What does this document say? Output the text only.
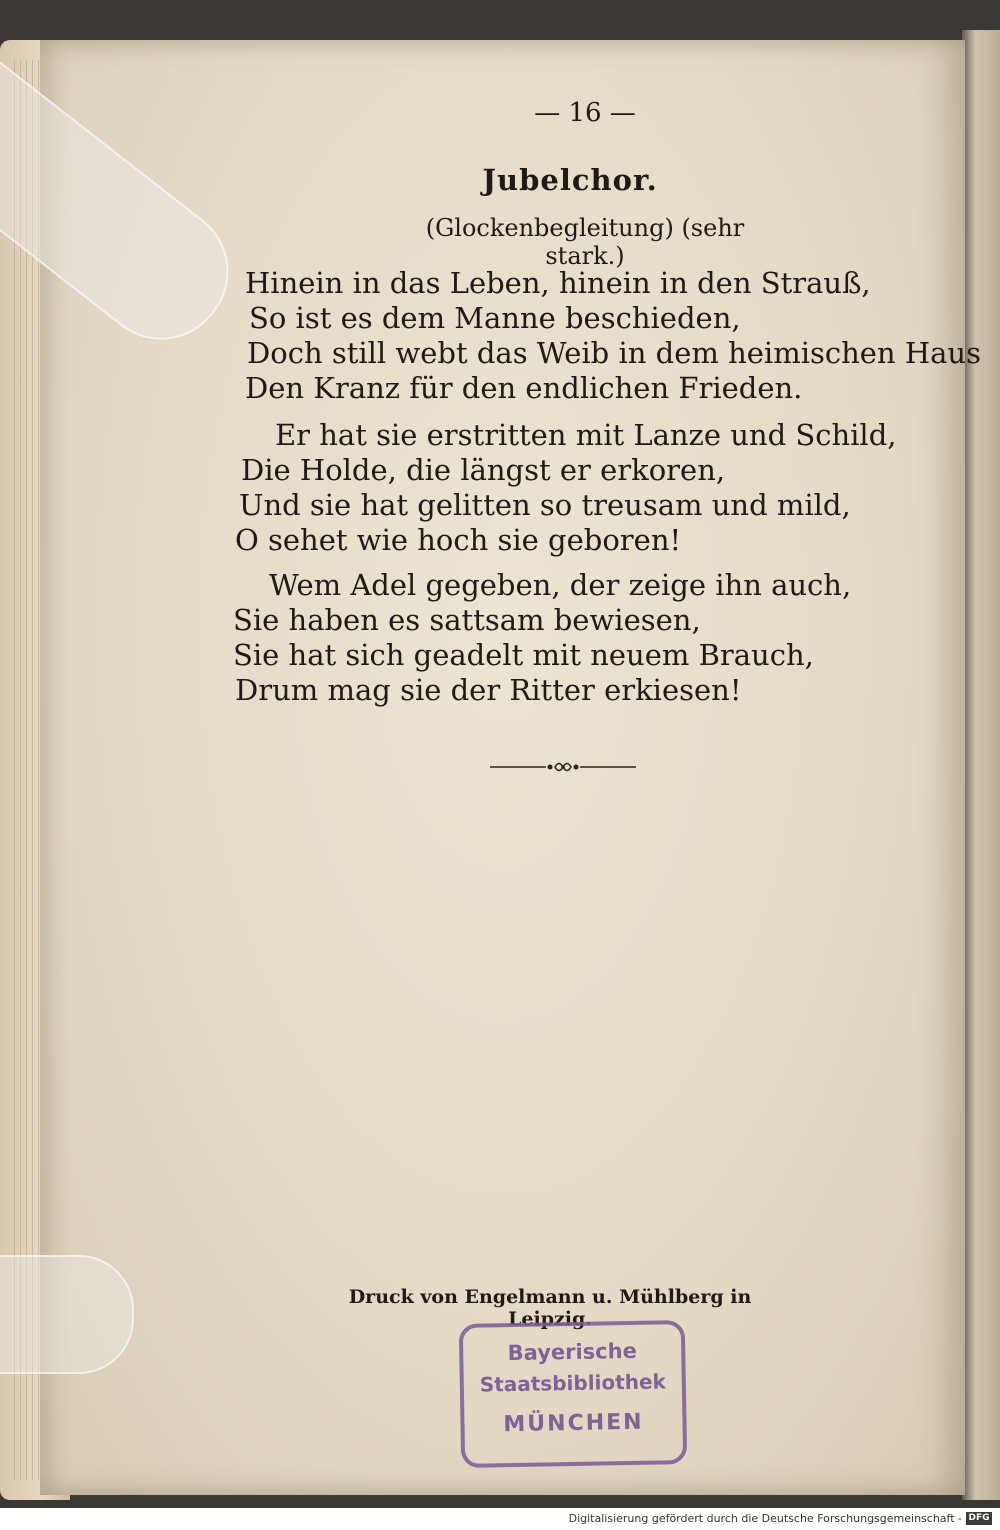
— 16 —
Jubelchor.
(Glockenbegleitung) (sehr stark.)
Hinein in das Leben, hinein in den Strauß,
So ist es dem Manne beschieden,
Doch still webt das Weib in dem heimischen Haus
Den Kranz für den endlichen Frieden.
Er hat sie erstritten mit Lanze und Schild,
Die Holde, die längst er erkoren,
Und sie hat gelitten so treusam und mild,
O sehet wie hoch sie geboren!
Wem Adel gegeben, der zeige ihn auch,
Sie haben es sattsam bewiesen,
Sie hat sich geadelt mit neuem Brauch,
Drum mag sie der Ritter erkiesen!
Druck von Engelmann u. Mühlberg in Leipzig.
Bayerische
Staatsbibliothek
MÜNCHEN
Digitalisierung gefördert durch die Deutsche Forschungsgemeinschaft - DFG
